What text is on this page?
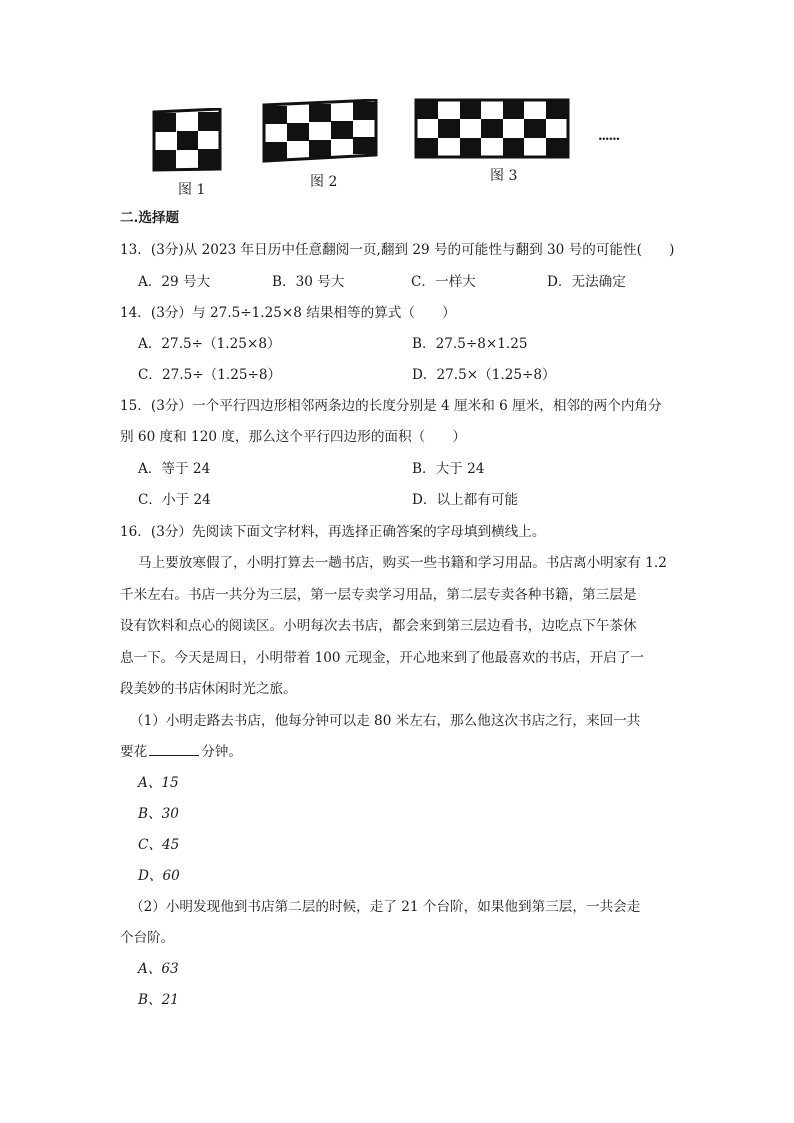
图 1	图 2	图 3
......
二.选择题
13．(3分)从 2023 年日历中任意翻阅一页,翻到 29 号的可能性与翻到 30 号的可能性(　　)
A．29 号大	B．30 号大	C．一样大	D．无法确定
14．(3分）与 27.5÷1.25×8 结果相等的算式（　　）
A．27.5÷（1.25×8）	B．27.5÷8×1.25
C．27.5÷（1.25÷8）	D．27.5×（1.25÷8）
15．(3分）一个平行四边形相邻两条边的长度分别是 4 厘米和 6 厘米，相邻的两个内角分
别 60 度和 120 度，那么这个平行四边形的面积（　　）
A．等于 24	B．大于 24
C．小于 24	D．以上都有可能
16．(3分）先阅读下面文字材料，再选择正确答案的字母填到横线上。
马上要放寒假了，小明打算去一趟书店，购买一些书籍和学习用品。书店离小明家有 1.2
千米左右。书店一共分为三层，第一层专卖学习用品，第二层专卖各种书籍，第三层是
设有饮料和点心的阅读区。小明每次去书店，都会来到第三层边看书，边吃点下午茶休
息一下。今天是周日，小明带着 100 元现金，开心地来到了他最喜欢的书店，开启了一
段美妙的书店休闲时光之旅。
（1）小明走路去书店，他每分钟可以走 80 米左右，那么他这次书店之行，来回一共
要花	分钟。
A、15
B、30
C、45
D、60
（2）小明发现他到书店第二层的时候，走了 21 个台阶，如果他到第三层，一共会走
个台阶。
A、63
B、21
